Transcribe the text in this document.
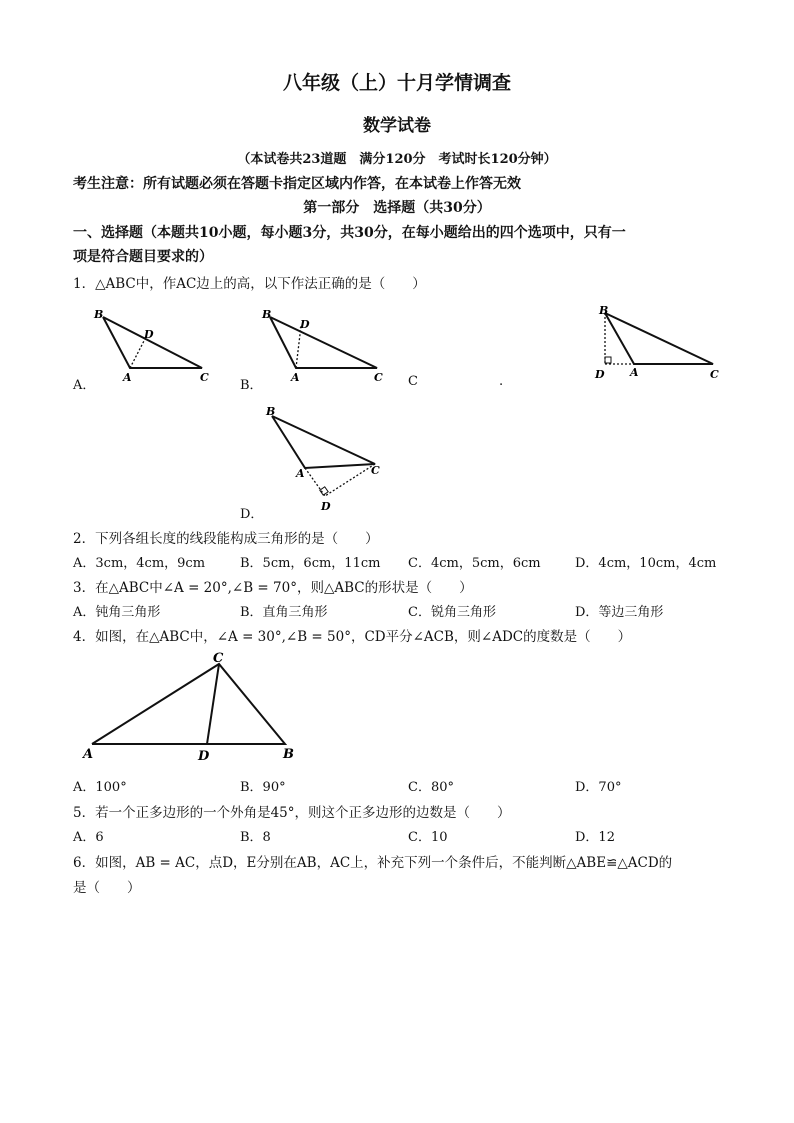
八年级（上）十月学情调查
数学试卷
（本试卷共23道题　满分120分　考试时长120分钟）
考生注意：所有试题必须在答题卡指定区域内作答，在本试卷上作答无效
第一部分　选择题（共30分）
一、选择题（本题共10小题，每小题3分，共30分，在每小题给出的四个选项中，只有一
项是符合题目要求的）
1．△ABC中，作AC边上的高，以下作法正确的是（　　）
B
D
A	C
A．
B
D
A	C
B．	C	.
B
D A	C
B
A	C
D
D．
2．下列各组长度的线段能构成三角形的是（　　）
A．3cm，4cm，9cm	B．5cm，6cm，11cm C．4cm，5cm，6cm	D．4cm，10cm，4cm
3．在△ABC中∠A = 20°,∠B = 70°，则△ABC的形状是（　　）
A．钝角三角形	B．直角三角形	C．锐角三角形	D．等边三角形
4．如图，在△ABC中，∠A = 30°,∠B = 50°，CD平分∠ACB，则∠ADC的度数是（　　）
C
A	D	B
A．100°	B．90°	C．80°	D．70°
5．若一个正多边形的一个外角是45°，则这个正多边形的边数是（　　）
A．6	B．8	C．10	D．12
6．如图，AB = AC，点D，E分别在AB，AC上，补充下列一个条件后，不能判断△ABE≌△ACD的
是（　　）
